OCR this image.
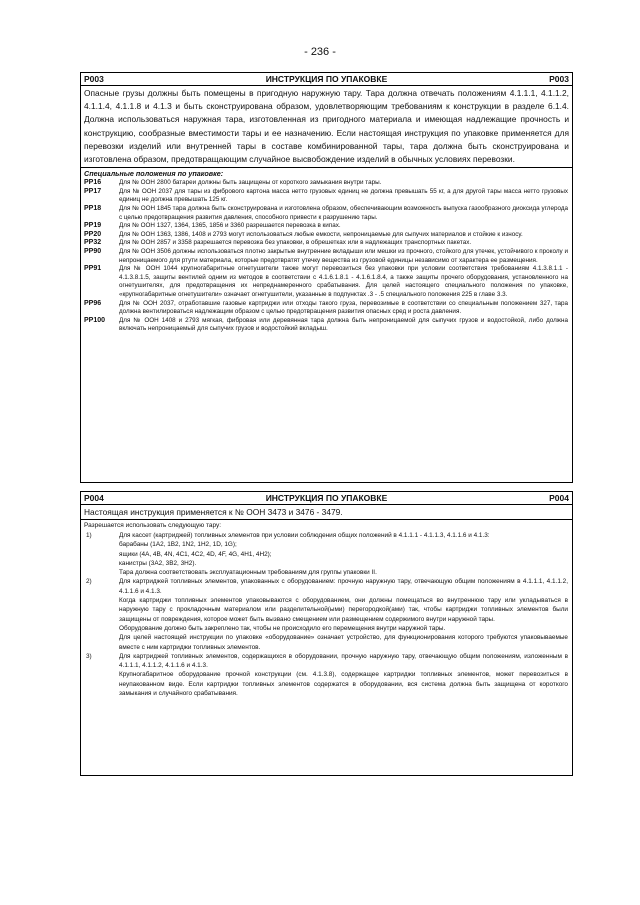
- 236 -
P003	ИНСТРУКЦИЯ ПО УПАКОВКЕ	P003
Опасные грузы должны быть помещены в пригодную наружную тару. Тара должна отвечать положениям 4.1.1.1, 4.1.1.2, 4.1.1.4, 4.1.1.8 и 4.1.3 и быть сконструирована образом, удовлетворяющим требованиям к конструкции в разделе 6.1.4. Должна использоваться наружная тара, изготовленная из пригодного материала и имеющая надлежащие прочность и конструкцию, сообразные вместимости тары и ее назначению. Если настоящая инструкция по упаковке применяется для перевозки изделий или внутренней тары в составе комбинированной тары, тара должна быть сконструирована и изготовлена образом, предотвращающим случайное высвобождение изделий в обычных условиях перевозки.
Специальные положения по упаковке:
PP16	Для № ООН 2800 батареи должны быть защищены от короткого замыкания внутри тары.
PP17	Для № ООН 2037 для тары из фибрового картона масса нетто грузовых единиц не должна превышать 55 кг, а для другой тары масса нетто грузовых единиц не должна превышать 125 кг.
PP18	Для № ООН 1845 тара должна быть сконструирована и изготовлена образом, обеспечивающим возможность выпуска газообразного диоксида углерода с целью предотвращения развития давления, способного привести к разрушению тары.
PP19	Для № ООН 1327, 1364, 1365, 1856 и 3360 разрешается перевозка в кипах.
PP20	Для № ООН 1363, 1386, 1408 и 2793 могут использоваться любые емкости, непроницаемые для сыпучих материалов и стойкие к износу.
PP32	Для № ООН 2857 и 3358 разрешается перевозка без упаковки, в обрешетках или в надлежащих транспортных пакетах.
PP90	Для № ООН 3506 должны использоваться плотно закрытые внутренние вкладыши или мешки из прочного, стойкого для утечек, устойчивого к проколу и непроницаемого для ртути материала, которые предотвратят утечку вещества из грузовой единицы независимо от характера ее размещения.
PP91	Для № ООН 1044 крупногабаритные огнетушители также могут перевозиться без упаковки при условии соответствия требованиям 4.1.3.8.1.1 - 4.1.3.8.1.5, защиты вентилей одним из методов в соответствии с 4.1.6.1.8.1 - 4.1.6.1.8.4, а также защиты прочего оборудования, установленного на огнетушителях, для предотвращения их непреднамеренного срабатывания. Для целей настоящего специального положения по упаковке, «крупногабаритные огнетушители» означает огнетушители, указанные в подпунктах .3 - .5 специального положения 225 в главе 3.3.
PP96	Для № ООН 2037, отработавшие газовые картриджи или отходы такого груза, перевозимые в соответствии со специальным положением 327, тара должна вентилироваться надлежащим образом с целью предотвращения развития опасных сред и роста давления.
PP100	Для № ООН 1408 и 2793 мягкая, фибровая или деревянная тара должна быть непроницаемой для сыпучих грузов и водостойкой, либо должна включать непроницаемый для сыпучих грузов и водостойкий вкладыш.
P004	ИНСТРУКЦИЯ ПО УПАКОВКЕ	P004
Настоящая инструкция применяется к № ООН 3473 и 3476 - 3479.
Разрешается использовать следующую тару:
1)	Для кассет (картриджей) топливных элементов при условии соблюдения общих положений в 4.1.1.1 - 4.1.1.3, 4.1.1.6 и 4.1.3:
барабаны (1A2, 1B2, 1N2, 1H2, 1D, 1G);
ящики (4A, 4B, 4N, 4C1, 4C2, 4D, 4F, 4G, 4H1, 4H2);
канистры (3A2, 3B2, 3H2).
Тара должна соответствовать эксплуатационным требованиям для группы упаковки II.
2)	Для картриджей топливных элементов, упакованных с оборудованием: прочную наружную тару, отвечающую общим положениям в 4.1.1.1, 4.1.1.2, 4.1.1.6 и 4.1.3.
Когда картриджи топливных элементов упаковываются с оборудованием, они должны помещаться во внутреннюю тару или укладываться в наружную тару с прокладочным материалом или разделительной(ыми) перегородкой(ами) так, чтобы картриджи топливных элементов были защищены от повреждения, которое может быть вызвано смещением или размещением содержимого внутри наружной тары.
Оборудование должно быть закреплено так, чтобы не происходило его перемещения внутри наружной тары.
Для целей настоящей инструкции по упаковке «оборудование» означает устройство, для функционирования которого требуются упаковываемые вместе с ним картриджи топливных элементов.
3)	Для картриджей топливных элементов, содержащихся в оборудовании, прочную наружную тару, отвечающую общим положениям, изложенным в 4.1.1.1, 4.1.1.2, 4.1.1.6 и 4.1.3.
Крупногабаритное оборудование прочной конструкции (см. 4.1.3.8), содержащее картриджи топливных элементов, может перевозиться в неупакованном виде. Если картриджи топливных элементов содержатся в оборудовании, вся система должна быть защищена от короткого замыкания и случайного срабатывания.
